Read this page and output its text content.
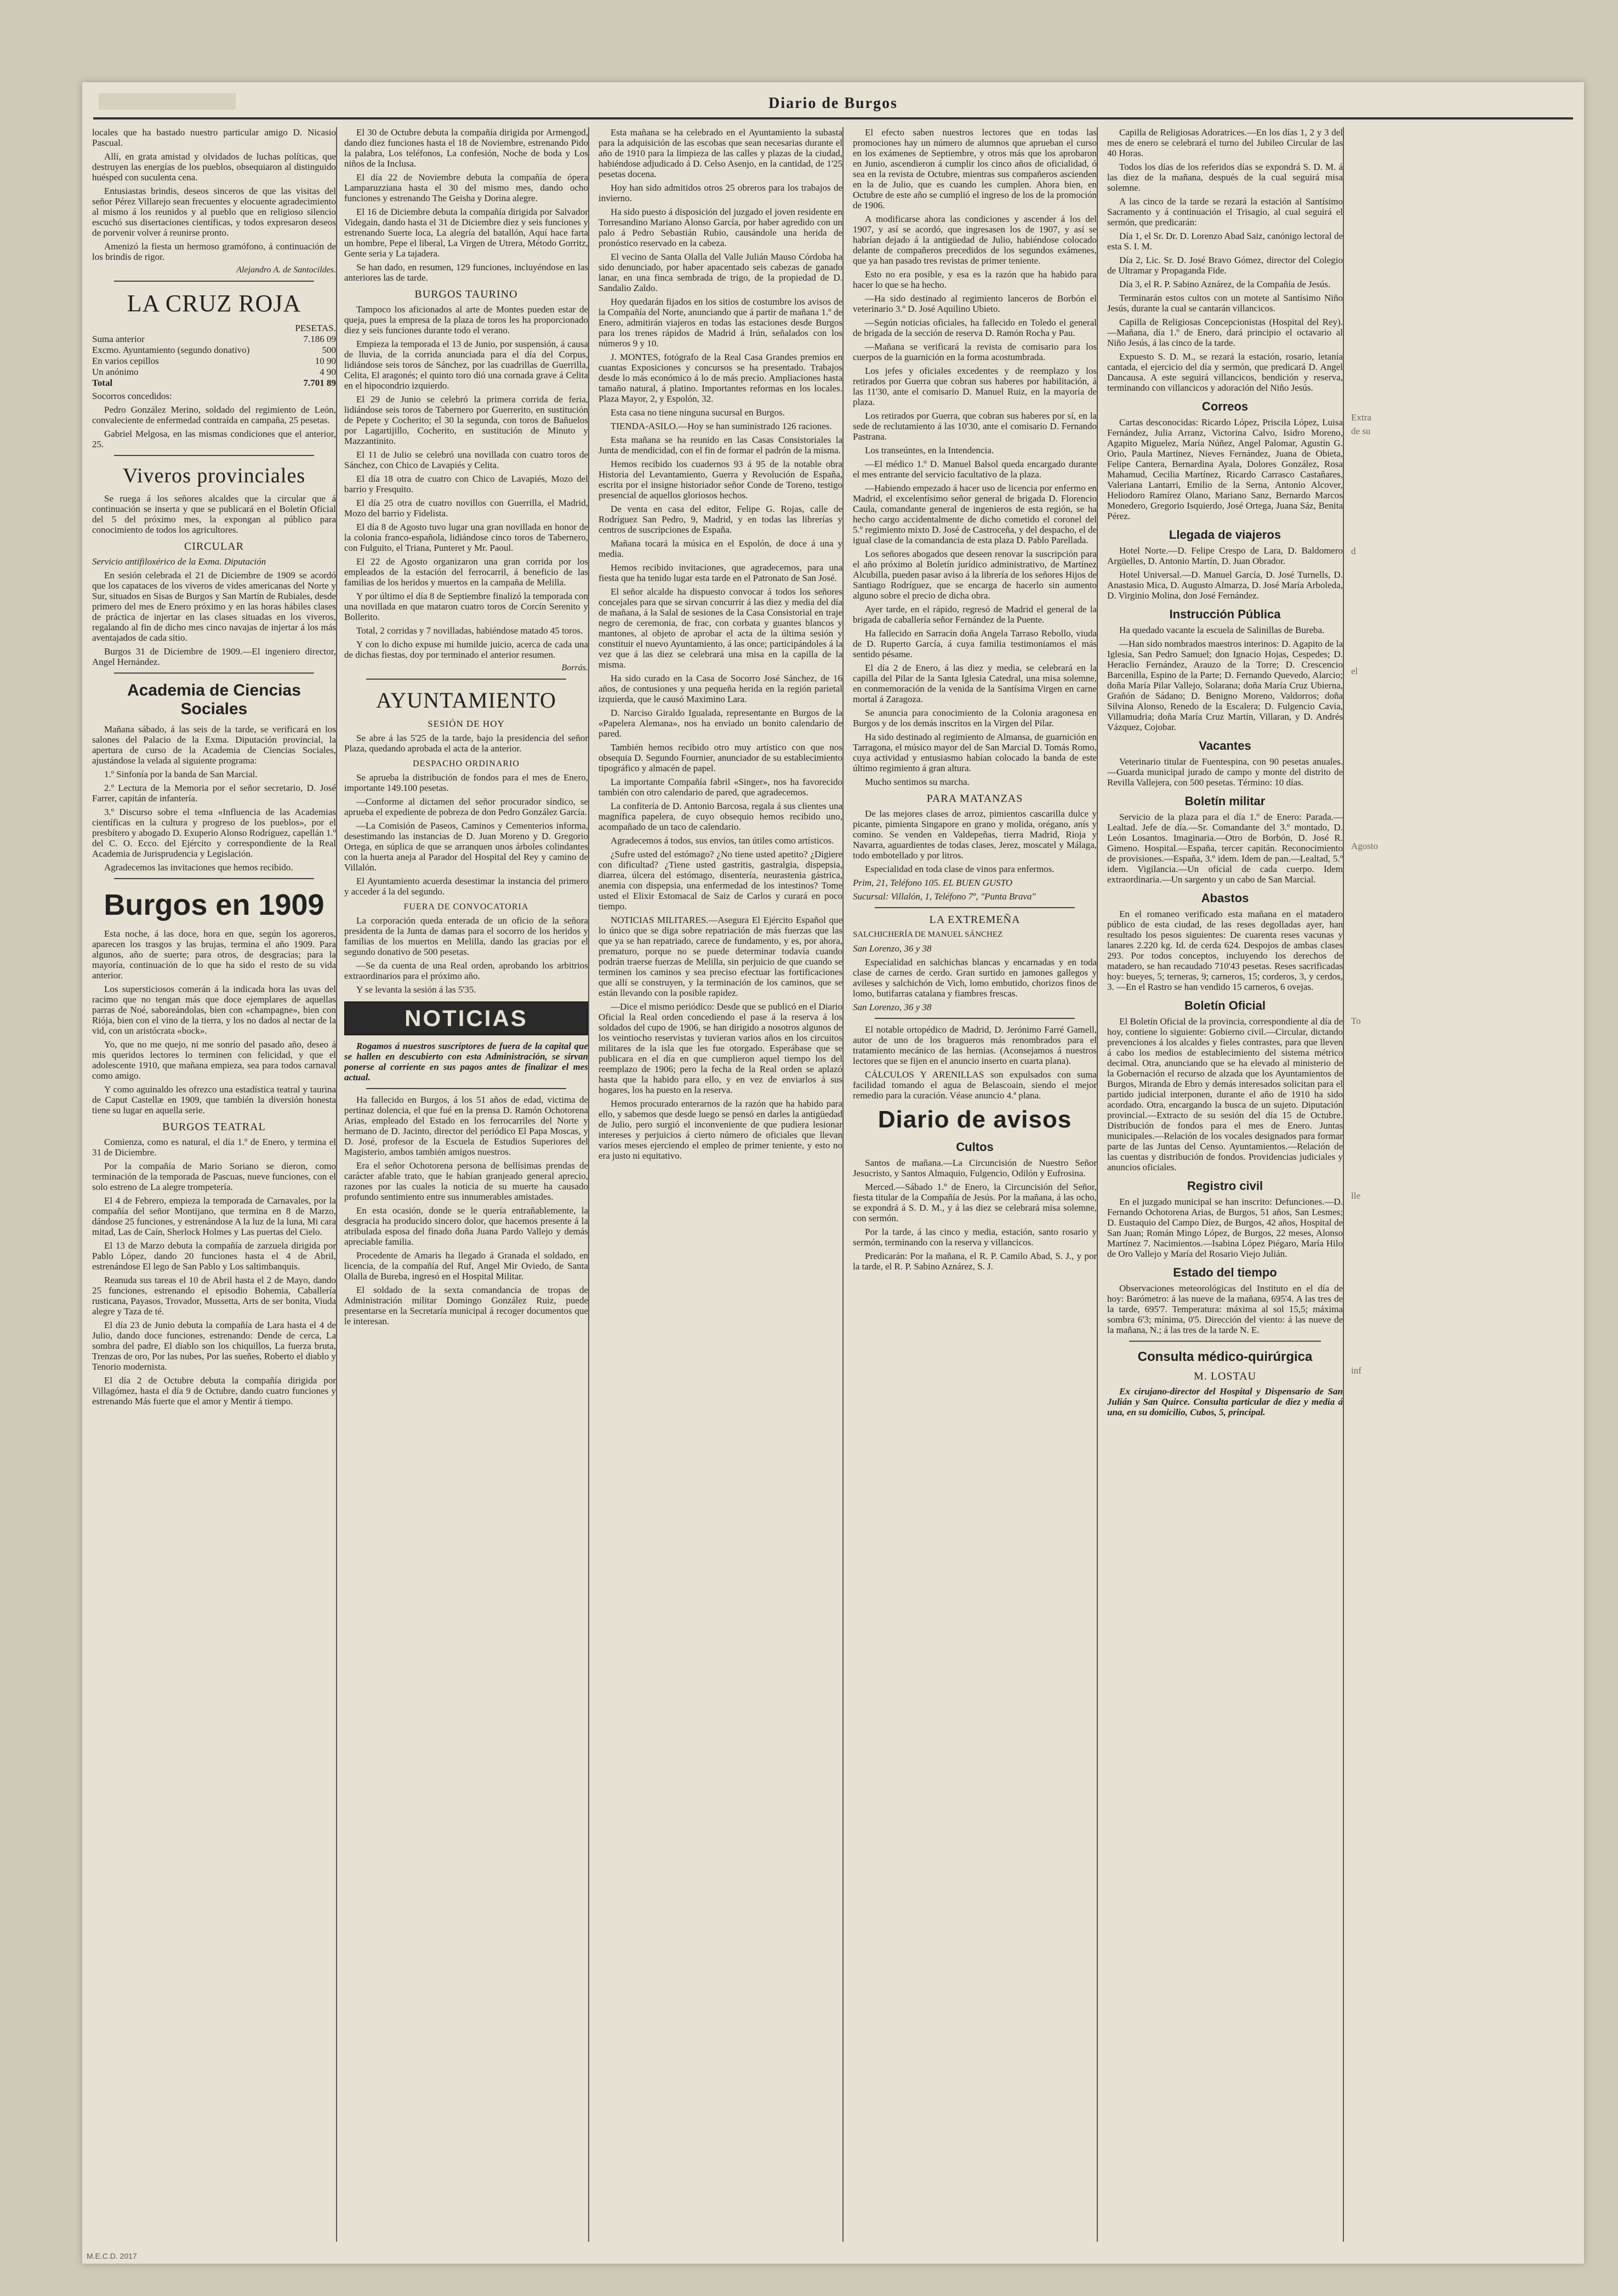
Diario de Burgos

locales que ha bastado nuestro particular amigo D. Nicasio Pascual.

Allí, en grata amistad y olvidados de luchas políticas, que destruyen las energías de los pueblos, obsequiaron al distinguido huésped con suculenta cena.

Entusiastas brindis, deseos sinceros de que las visitas del señor Pérez Villarejo sean frecuentes y elocuente agradecimiento al mismo á los reunidos y al pueblo que en religioso silencio escuchó sus disertaciones científicas, y todos expresaron deseos de porvenir volver á reunirse pronto.

Amenizó la fiesta un hermoso gramófono, á continuación de los brindis de rigor.

Alejandro A. de Santocildes.
LA CRUZ ROJA
PESETAS.
Suma anterior	7.186 09
Excmo. Ayuntamiento (segundo donativo)	500
En varios cepillos	10 90
Un anónimo	4 90
Total	7.701 89

Socorros concedidos:

Pedro González Merino, soldado del regimiento de León, convaleciente de enfermedad contraída en campaña, 25 pesetas.

Gabriel Melgosa, en las mismas condiciones que el anterior, 25.

Viveros provinciales

Se ruega á los señores alcaldes que la circular que á continuación se inserta y que se publicará en el Boletín Oficial del 5 del próximo mes, la expongan al público para conocimiento de todos los agricultores.

CIRCULAR

Servicio antifiloxérico de la Exma. Diputación

En sesión celebrada el 21 de Diciembre de 1909 se acordó que los capataces de los viveros de vides americanas del Norte y Sur, situados en Sisas de Burgos y San Martín de Rubiales, desde primero del mes de Enero próximo y en las horas hábiles clases de práctica de injertar en las clases situadas en los viveros, regalando al fin de dicho mes cinco navajas de injertar á los más aventajados de cada sitio.

Burgos 31 de Diciembre de 1909.—El ingeniero director, Angel Hernández.

Academia de Ciencias Sociales

Mañana sábado, á las seis de la tarde, se verificará en los salones del Palacio de la Exma. Diputación provincial, la apertura de curso de la Academia de Ciencias Sociales, ajustándose la velada al siguiente programa:

1.º Sinfonía por la banda de San Marcial.

2.º Lectura de la Memoria por el señor secretario, D. José Farrer, capitán de infantería.

3.º Discurso sobre el tema «Influencia de las Academias científicas en la cultura y progreso de los pueblos», por el presbítero y abogado D. Exuperio Alonso Rodríguez, capellán 1.º del C. O. Ecco. del Ejército y correspondiente de la Real Academia de Jurisprudencia y Legislación.

Agradecemos las invitaciones que hemos recibido.

Burgos en 1909

Esta noche, á las doce, hora en que, según los agoreros, aparecen los trasgos y las brujas, termina el año 1909. Para algunos, año de suerte; para otros, de desgracias; para la mayoría, continuación de lo que ha sido el resto de su vida anterior.

Los supersticiosos comerán á la indicada hora las uvas del racimo que no tengan más que doce ejemplares de aquellas parras de Noé, saboreándolas, bien con «champagne», bien con Riója, bien con el vino de la tierra, y los no dados al nectar de la vid, con un aristócrata «bock».

Yo, que no me quejo, ni me sonrío del pasado año, deseo á mis queridos lectores lo terminen con felicidad, y que el adolescente 1910, que mañana empieza, sea para todos carnaval como amigo.

Y como aguinaldo les ofrezco una estadística teatral y taurina de Caput Castellæ en 1909, que también la diversión honesta tiene su lugar en aquella serie.

BURGOS TEATRAL

Comienza, como es natural, el día 1.º de Enero, y termina el 31 de Diciembre.

Por la compañía de Mario Soriano se dieron, como terminación de la temporada de Pascuas, nueve funciones, con el solo estreno de La alegre trompetería.

El 4 de Febrero, empieza la temporada de Carnavales, por la compañía del señor Montijano, que termina en 8 de Marzo, dándose 25 funciones, y estrenándose A la luz de la luna, Mi cara mitad, Las de Caín, Sherlock Holmes y Las puertas del Cielo.

El 13 de Marzo debuta la compañía de zarzuela dirigida por Pablo López, dando 20 funciones hasta el 4 de Abril, estrenándose El lego de San Pablo y Los saltimbanquis.

Reanuda sus tareas el 10 de Abril hasta el 2 de Mayo, dando 25 funciones, estrenando el episodio Bohemia, Caballería rusticana, Payasos, Trovador, Mussetta, Arts de ser bonita, Viuda alegre y Taza de té.

El día 23 de Junio debuta la compañía de Lara hasta el 4 de Julio, dando doce funciones, estrenando: Dende de cerca, La sombra del padre, El diablo son los chiquillos, La fuerza bruta, Trenzas de oro, Por las nubes, Por las sueñes, Roberto el diablo y Tenorio modernista.

El día 2 de Octubre debuta la compañía dirigida por Villagómez, hasta el día 9 de Octubre, dando cuatro funciones y estrenando Más fuerte que el amor y Mentir á tiempo.

El 30 de Octubre debuta la compañía dirigida por Armengod, dando diez funciones hasta el 18 de Noviembre, estrenando Pido la palabra, Los teléfonos, La confesión, Noche de boda y Los niños de la Inclusa.

El día 22 de Noviembre debuta la compañía de ópera Lamparuzziana hasta el 30 del mismo mes, dando ocho funciones y estrenando The Geisha y Dorina alegre.

El 16 de Diciembre debuta la compañía dirigida por Salvador Videgain, dando hasta el 31 de Diciembre diez y seis funciones y estrenando Suerte loca, La alegría del batallón, Aquí hace farta un hombre, Pepe el liberal, La Virgen de Utrera, Método Gorritz, Gente seria y La tajadera.

Se han dado, en resumen, 129 funciones, incluyéndose en las anteriores las de tarde.

BURGOS TAURINO

Tampoco los aficionados al arte de Montes pueden estar de queja, pues la empresa de la plaza de toros les ha proporcionado diez y seis funciones durante todo el verano.

Empieza la temporada el 13 de Junio, por suspensión, á causa de lluvia, de la corrida anunciada para el día del Corpus, lidiándose seis toros de Sánchez, por las cuadrillas de Guerrilla, Celita, El aragonés; el quinto toro dió una cornada grave á Celita en el hipocondrio izquierdo.

El 29 de Junio se celebró la primera corrida de feria, lidiándose seis toros de Tabernero por Guerrerito, en sustitución de Pepete y Cocherito; el 30 la segunda, con toros de Bañuelos por Lagartijillo, Cocherito, en sustitución de Minuto y Mazzantinito.

El 11 de Julio se celebró una novillada con cuatro toros de Sánchez, con Chico de Lavapiés y Celita.

El día 18 otra de cuatro con Chico de Lavapiés, Mozo del barrio y Fresquito.

El día 25 otra de cuatro novillos con Guerrilla, el Madrid, Mozo del barrio y Fidelista.

El día 8 de Agosto tuvo lugar una gran novillada en honor de la colonia franco-española, lidiándose cinco toros de Tabernero, con Fulguito, el Triana, Punteret y Mr. Paoul.

El 22 de Agosto organizaron una gran corrida por los empleados de la estación del ferrocarril, á beneficio de las familias de los heridos y muertos en la campaña de Melilla.

Y por último el día 8 de Septiembre finalizó la temporada con una novillada en que mataron cuatro toros de Corcín Serenito y Bollerito.

Total, 2 corridas y 7 novilladas, habiéndose matado 45 toros.

Y con lo dicho expuse mi humilde juicio, acerca de cada una de dichas fiestas, doy por terminado el anterior resumen.

Borrás.
AYUNTAMIENTO
SESIÓN DE HOY

Se abre á las 5'25 de la tarde, bajo la presidencia del señor Plaza, quedando aprobada el acta de la anterior.

DESPACHO ORDINARIO

Se aprueba la distribución de fondos para el mes de Enero, importante 149.100 pesetas.

—Conforme al dictamen del señor procurador síndico, se aprueba el expediente de pobreza de don Pedro González García.

—La Comisión de Paseos, Caminos y Cementerios informa, desestimando las instancias de D. Juan Moreno y D. Gregorio Ortega, en súplica de que se arranquen unos árboles colindantes con la huerta aneja al Parador del Hospital del Rey y camino de Villalón.

El Ayuntamiento acuerda desestimar la instancia del primero y acceder á la del segundo.

FUERA DE CONVOCATORIA

La corporación queda enterada de un oficio de la señora presidenta de la Junta de damas para el socorro de los heridos y familias de los muertos en Melilla, dando las gracias por el segundo donativo de 500 pesetas.

—Se da cuenta de una Real orden, aprobando los arbitrios extraordinarios para el próximo año.

Y se levanta la sesión á las 5'35.

NOTICIAS

Rogamos á nuestros suscriptores de fuera de la capital que se hallen en descubierto con esta Administración, se sirvan ponerse al corriente en sus pagos antes de finalizar el mes actual.

Ha fallecido en Burgos, á los 51 años de edad, victima de pertinaz dolencia, el que fué en la prensa D. Ramón Ochotorena Arias, empleado del Estado en los ferrocarriles del Norte y hermano de D. Jacinto, director del periódico El Papa Moscas, y D. José, profesor de la Escuela de Estudios Superiores del Magisterio, ambos también amigos nuestros.

Era el señor Ochotorena persona de bellísimas prendas de carácter afable trato, que le habían granjeado general aprecio, razones por las cuales la noticia de su muerte ha causado profundo sentimiento entre sus innumerables amistades.

En esta ocasión, donde se le quería entrañablemente, la desgracia ha producido sincero dolor, que hacemos presente á la atribulada esposa del finado doña Juana Pardo Vallejo y demás apreciable familia.

Procedente de Amaris ha llegado á Granada el soldado, en licencia, de la compañía del Ruf, Angel Mir Oviedo, de Santa Olalla de Bureba, ingresó en el Hospital Militar.

El soldado de la sexta comandancia de tropas de Administración militar Domingo González Ruiz, puede presentarse en la Secretaría municipal á recoger documentos que le interesan.

Esta mañana se ha celebrado en el Ayuntamiento la subasta para la adquisición de las escobas que sean necesarias durante el año de 1910 para la limpieza de las calles y plazas de la ciudad, habiéndose adjudicado á D. Celso Asenjo, en la cantidad, de 1'25 pesetas docena.

Hoy han sido admitidos otros 25 obreros para los trabajos de invierno.

Ha sido puesto á disposición del juzgado el joven residente en Torresandino Mariano Alonso García, por haber agredido con un palo á Pedro Sebastián Rubio, causándole una herida de pronóstico reservado en la cabeza.

El vecino de Santa Olalla del Valle Julián Mauso Córdoba ha sido denunciado, por haber apacentado seis cabezas de ganado lanar, en una finca sembrada de trigo, de la propiedad de D. Sandalio Zaldo.

Hoy quedarán fijados en los sitios de costumbre los avisos de la Compañía del Norte, anunciando que á partir de mañana 1.º de Enero, admitirán viajeros en todas las estaciones desde Burgos para los trenes rápidos de Madrid á Irún, señalados con los números 9 y 10.

J. MONTES, fotógrafo de la Real Casa Grandes premios en cuantas Exposiciones y concursos se ha presentado. Trabajos desde lo más económico á lo de más precio. Ampliaciones hasta tamaño natural, á platino. Importantes reformas en los locales. Plaza Mayor, 2, y Espolón, 32.

Esta casa no tiene ninguna sucursal en Burgos.

TIENDA-ASILO.—Hoy se han suministrado 126 raciones.

Esta mañana se ha reunido en las Casas Consistoriales la Junta de mendicidad, con el fin de formar el padrón de la misma.

Hemos recibido los cuadernos 93 á 95 de la notable obra Historia del Levantamiento, Guerra y Revolución de España, escrita por el insigne historiador señor Conde de Toreno, testigo presencial de aquellos gloriosos hechos.

De venta en casa del editor, Felipe G. Rojas, calle de Rodríguez San Pedro, 9, Madrid, y en todas las librerías y centros de suscripciones de España.

Mañana tocará la música en el Espolón, de doce á una y media.

Hemos recibido invitaciones, que agradecemos, para una fiesta que ha tenido lugar esta tarde en el Patronato de San José.

El señor alcalde ha dispuesto convocar á todos los señores concejales para que se sirvan concurrir á las diez y media del día de mañana, á la Salal de sesiones de la Casa Consistorial en traje negro de ceremonia, de frac, con corbata y guantes blancos y mantones, al objeto de aprobar el acta de la última sesión y constituir el nuevo Ayuntamiento, á las once; participándoles á la vez que á las diez se celebrará una misa en la capilla de la misma.

Ha sido curado en la Casa de Socorro José Sánchez, de 16 años, de contusiones y una pequeña herida en la región parietal izquierda, que le causó Maximino Lara.

D. Narciso Giraldo Igualada, representante en Burgos de la «Papelera Alemana», nos ha enviado un bonito calendario de pared.

También hemos recibido otro muy artístico con que nos obsequia D. Segundo Fournier, anunciador de su establecimiento tipográfico y almacén de papel.

La importante Compañía fabril «Singer», nos ha favorecido también con otro calendario de pared, que agradecemos.

La confitería de D. Antonio Barcosa, regala á sus clientes una magnífica papelera, de cuyo obsequio hemos recibido uno, acompañado de un taco de calendario.

Agradecemos á todos, sus envíos, tan útiles como artísticos.

¿Sufre usted del estómago? ¿No tiene usted apetito? ¿Digiere con dificultad? ¿Tiene usted gastritis, gastralgia, dispepsia, diarrea, úlcera del estómago, disentería, neurastenia gástrica, anemia con dispepsia, una enfermedad de los intestinos? Tome usted el Elixir Estomacal de Saiz de Carlos y curará en poco tiempo.

NOTICIAS MILITARES.—Asegura El Ejército Español que lo único que se diga sobre repatriación de más fuerzas que las que ya se han repatriado, carece de fundamento, y es, por ahora, prematuro, porque no se puede determinar todavía cuando podrán traerse fuerzas de Melilla, sin perjuicio de que cuando se terminen los caminos y sea preciso efectuar las fortificaciones que allí se construyen, y la terminación de los caminos, que se están llevando con la posible rapidez.

—Dice el mismo periódico: Desde que se publicó en el Diario Oficial la Real orden concediendo el pase á la reserva á los soldados del cupo de 1906, se han dirigido a nosotros algunos de los veintiocho reservistas y tuvieran varios años en los circuitos militares de la isla que les fue otorgado. Esperábase que se publicara en el día en que cumplieron aquel tiempo los del reemplazo de 1906; pero la fecha de la Real orden se aplazó hasta que la habido para ello, y en vez de enviarlos á sus hogares, los ha puesto en la reserva.

Hemos procurado enterarnos de la razón que ha habido para ello, y sabemos que desde luego se pensó en darles la antigüedad de Julio, pero surgió el inconveniente de que pudiera lesionar intereses y perjuicios á cierto número de oficiales que llevan varios meses ejerciendo el empleo de primer teniente, y esto no era justo ni equitativo.

El efecto saben nuestros lectores que en todas las promociones hay un número de alumnos que aprueban el curso en los exámenes de Septiembre, y otros más que los aprobaron en Junio, ascendieron á cumplir los cinco años de oficialidad, ó sea en la revista de Octubre, mientras sus compañeros ascienden en la de Julio, que es cuando les cumplen. Ahora bien, en Octubre de este año se cumplió el ingreso de los de la promoción de 1906.

A modificarse ahora las condiciones y ascender á los del 1907, y así se acordó, que ingresasen los de 1907, y así se habrían dejado á la antigüedad de Julio, habiéndose colocado delante de compañeros precedidos de los segundos exámenes, que ya han pasado tres revistas de primer teniente.

Esto no era posible, y esa es la razón que ha habido para hacer lo que se ha hecho.

—Ha sido destinado al regimiento lanceros de Borbón el veterinario 3.º D. José Aquilino Ubieto.

—Según noticias oficiales, ha fallecido en Toledo el general de brigada de la sección de reserva D. Ramón Rocha y Pau.

—Mañana se verificará la revista de comisario para los cuerpos de la guarnición en la forma acostumbrada.

Los jefes y oficiales excedentes y de reemplazo y los retirados por Guerra que cobran sus haberes por habilitación, á las 11'30, ante el comisario D. Manuel Ruiz, en la mayoría de plaza.

Los retirados por Guerra, que cobran sus haberes por sí, en la sede de reclutamiento á las 10'30, ante el comisario D. Fernando Pastrana.

Los transeúntes, en la Intendencia.

—El médico 1.º D. Manuel Balsol queda encargado durante el mes entrante del servicio facultativo de la plaza.

—Habiendo empezado á hacer uso de licencia por enfermo en Madrid, el excelentísimo señor general de brigada D. Florencio Caula, comandante general de ingenieros de esta región, se ha hecho cargo accidentalmente de dicho cometido el coronel del 5.º regimiento mixto D. José de Castroceña, y del despacho, el de igual clase de la comandancia de esta plaza D. Pablo Parellada.

Los señores abogados que deseen renovar la suscripción para el año próximo al Boletín jurídico administrativo, de Martínez Alcubilla, pueden pasar aviso á la librería de los señores Hijos de Santiago Rodríguez, que se encarga de hacerlo sin aumento alguno sobre el precio de dicha obra.

Ayer tarde, en el rápido, regresó de Madrid el general de la brigada de caballería señor Fernández de la Puente.

Ha fallecido en Sarracín doña Angela Tarraso Rebollo, viuda de D. Ruperto García, á cuya familia testimoniamos el más sentido pésame.

El día 2 de Enero, á las diez y media, se celebrará en la capilla del Pilar de la Santa Iglesia Catedral, una misa solemne, en conmemoración de la venida de la Santísima Virgen en carne mortal á Zaragoza.

Se anuncia para conocimiento de la Colonia aragonesa en Burgos y de los demás inscritos en la Virgen del Pilar.

Ha sido destinado al regimiento de Almansa, de guarnición en Tarragona, el músico mayor del de San Marcial D. Tomás Romo, cuya actividad y entusiasmo habían colocado la banda de este último regimiento á gran altura.

Mucho sentimos su marcha.

PARA MATANZAS

De las mejores clases de arroz, pimientos cascarilla dulce y picante, pimienta Singapore en grano y molida, orégano, anís y comino. Se venden en Valdepeñas, tierra Madrid, Rioja y Navarra, aguardientes de todas clases, Jerez, moscatel y Málaga, todo embotellado y por litros.

Especialidad en toda clase de vinos para enfermos.

Prim, 21, Teléfono 105. EL BUEN GUSTO

Sucursal: Villalón, 1, Teléfono 7º, "Punta Brava"

LA EXTREMEÑA

SALCHICHERÍA DE MANUEL SÁNCHEZ

San Lorenzo, 36 y 38

Especialidad en salchichas blancas y encarnadas y en toda clase de carnes de cerdo. Gran surtido en jamones gallegos y avileses y salchichón de Vich, lomo embutido, chorizos finos de lomo, butifarras catalana y fiambres frescas.

San Lorenzo, 36 y 38

El notable ortopédico de Madrid, D. Jerónimo Farré Gamell, autor de uno de los bragueros más renombrados para el tratamiento mecánico de las hernias. (Aconsejamos á nuestros lectores que se fijen en el anuncio inserto en cuarta plana).

CÁLCULOS Y ARENILLAS son expulsados con suma facilidad tomando el agua de Belascoain, siendo el mejor remedio para la curación. Véase anuncio 4.ª plana.

Diario de avisos
Cultos

Santos de mañana.—La Circuncisión de Nuestro Señor Jesucristo, y Santos Almaquio, Fulgencio, Odilón y Eufrosina.

Merced.—Sábado 1.º de Enero, la Circuncisión del Señor, fiesta titular de la Compañía de Jesús. Por la mañana, á las ocho, se expondrá á S. D. M., y á las diez se celebrará misa solemne, con sermón.

Por la tarde, á las cinco y media, estación, santo rosario y sermón, terminando con la reserva y villancicos.

Predicarán: Por la mañana, el R. P. Camilo Abad, S. J., y por la tarde, el R. P. Sabino Aznárez, S. J.

Capilla de Religiosas Adoratrices.—En los días 1, 2 y 3 del mes de enero se celebrará el turno del Jubileo Circular de las 40 Horas.

Todos los días de los referidos días se expondrá S. D. M. á las diez de la mañana, después de la cual seguirá misa solemne.

A las cinco de la tarde se rezará la estación al Santísimo Sacramento y á continuación el Trisagio, al cual seguirá el sermón, que predicarán:

Día 1, el Sr. Dr. D. Lorenzo Abad Saiz, canónigo lectoral de esta S. I. M.

Día 2, Lic. Sr. D. José Bravo Gómez, director del Colegio de Ultramar y Propaganda Fide.

Día 3, el R. P. Sabino Aznárez, de la Compañía de Jesús.

Terminarán estos cultos con un motete al Santísimo Niño Jesús, durante la cual se cantarán villancicos.

Capilla de Religiosas Concepcionistas (Hospital del Rey).—Mañana, día 1.º de Enero, dará principio el octavario al Niño Jesús, á las cinco de la tarde.

Expuesto S. D. M., se rezará la estación, rosario, letanía cantada, el ejercicio del día y sermón, que predicará D. Angel Dancausa. A este seguirá villancicos, bendición y reserva, terminando con villancicos y adoración del Niño Jesús.

Correos

Cartas desconocidas: Ricardo López, Priscila López, Luisa Fernández, Julia Arranz, Victorina Calvo, Isidro Moreno, Agapito Miguelez, María Núñez, Angel Palomar, Agustín G. Orio, Paula Martínez, Nieves Fernández, Juana de Obieta, Felipe Cantera, Bernardina Ayala, Dolores González, Rosa Mahamud, Cecilia Martínez, Ricardo Carrasco Castañares, Valeriana Lantarri, Emilio de la Serna, Antonio Alcover, Heliodoro Ramírez Olano, Mariano Sanz, Bernardo Marcos Monedero, Gregorio Isquierdo, José Ortega, Juana Sáz, Benita Pérez.

Llegada de viajeros

Hotel Norte.—D. Felipe Crespo de Lara, D. Baldomero Argüelles, D. Antonio Martín, D. Juan Obrador.

Hotel Universal.—D. Manuel García, D. José Turnells, D. Anastasio Mica, D. Augusto Almarza, D. José María Arboleda, D. Virginio Molina, don José Fernández.

Instrucción Pública

Ha quedado vacante la escuela de Salinillas de Bureba.

—Han sido nombrados maestros interinos: D. Agapito de la Iglesia, San Pedro Samuel; don Ignacio Hojas, Cespedes; D. Heraclio Fernández, Arauzo de la Torre; D. Crescencio Barcenilla, Espino de la Parte; D. Fernando Quevedo, Alarcio; doña María Pilar Vallejo, Solarana; doña María Cruz Ubierna, Grañón de Sádano; D. Benigno Moreno, Valdorros; doña Silvina Alonso, Renedo de la Escalera; D. Fulgencio Cavia, Villamudria; doña María Cruz Martín, Villaran, y D. Andrés Vázquez, Cojobar.

Vacantes

Veterinario titular de Fuentespina, con 90 pesetas anuales. —Guarda municipal jurado de campo y monte del distrito de Revilla Vallejera, con 500 pesetas. Término: 10 días.

Boletín militar

Servicio de la plaza para el día 1.º de Enero: Parada.—Lealtad. Jefe de día.—Sr. Comandante del 3.º montado, D. León Losantos. Imaginaria.—Otro de Borbón, D. José R. Gimeno. Hospital.—España, tercer capitán. Reconocimiento de provisiones.—España, 3.º idem. Idem de pan.—Lealtad, 5.º idem. Vigilancia.—Un oficial de cada cuerpo. Idem extraordinaria.—Un sargento y un cabo de San Marcial.

Abastos

En el romaneo verificado esta mañana en el matadero público de esta ciudad, de las reses degolladas ayer, han resultado los pesos siguientes: De cuarenta reses vacunas y lanares 2.220 kg. Id. de cerda 624. Despojos de ambas clases 293. Por todos conceptos, incluyendo los derechos de matadero, se han recaudado 710'43 pesetas. Reses sacrificadas hoy: bueyes, 5; terneras, 9; carneros, 15; corderos, 3, y cerdos, 3. —En el Rastro se han vendido 15 carneros, 6 ovejas.

Boletín Oficial

El Boletín Oficial de la provincia, correspondiente al día de hoy, contiene lo siguiente: Gobierno civil.—Circular, dictando prevenciones á los alcaldes y fieles contrastes, para que lleven á cabo los medios de establecimiento del sistema métrico decimal. Otra, anunciando que se ha elevado al ministerio de la Gobernación el recurso de alzada que los Ayuntamientos de Burgos, Miranda de Ebro y demás interesados solicitan para el partido judicial interponen, durante el año de 1910 ha sido acordado. Otra, encargando la busca de un sujeto. Diputación provincial.—Extracto de su sesión del día 15 de Octubre. Distribución de fondos para el mes de Enero. Juntas municipales.—Relación de los vocales designados para formar parte de las Juntas del Censo. Ayuntamientos.—Relación de las cuentas y distribución de fondos. Providencias judiciales y anuncios oficiales.

Registro civil

En el juzgado municipal se han inscrito: Defunciones.—D. Fernando Ochotorena Arias, de Burgos, 51 años, San Lesmes; D. Eustaquio del Campo Díez, de Burgos, 42 años, Hospital de San Juan; Román Mingo López, de Burgos, 22 meses, Alonso Martínez 7. Nacimientos.—Isabina López Piégaro, María Hilo de Oro Vallejo y María del Rosario Viejo Julián.

Estado del tiempo

Observaciones meteorológicas del Instituto en el día de hoy: Barómetro: á las nueve de la mañana, 695'4. A las tres de la tarde, 695'7. Temperatura: máxima al sol 15,5; máxima sombra 6'3; mínima, 0'5. Dirección del viento: á las nueve de la mañana, N.; á las tres de la tarde N. E.

Consulta médico-quirúrgica
M. LOSTAU

Ex cirujano-director del Hospital y Dispensario de San Julián y San Quirce. Consulta particular de diez y media á una, en su domicilio, Cubos, 5, principal.

Extra

de su

d

el

Agosto

To

lle

inf

M.E.C.D. 2017
